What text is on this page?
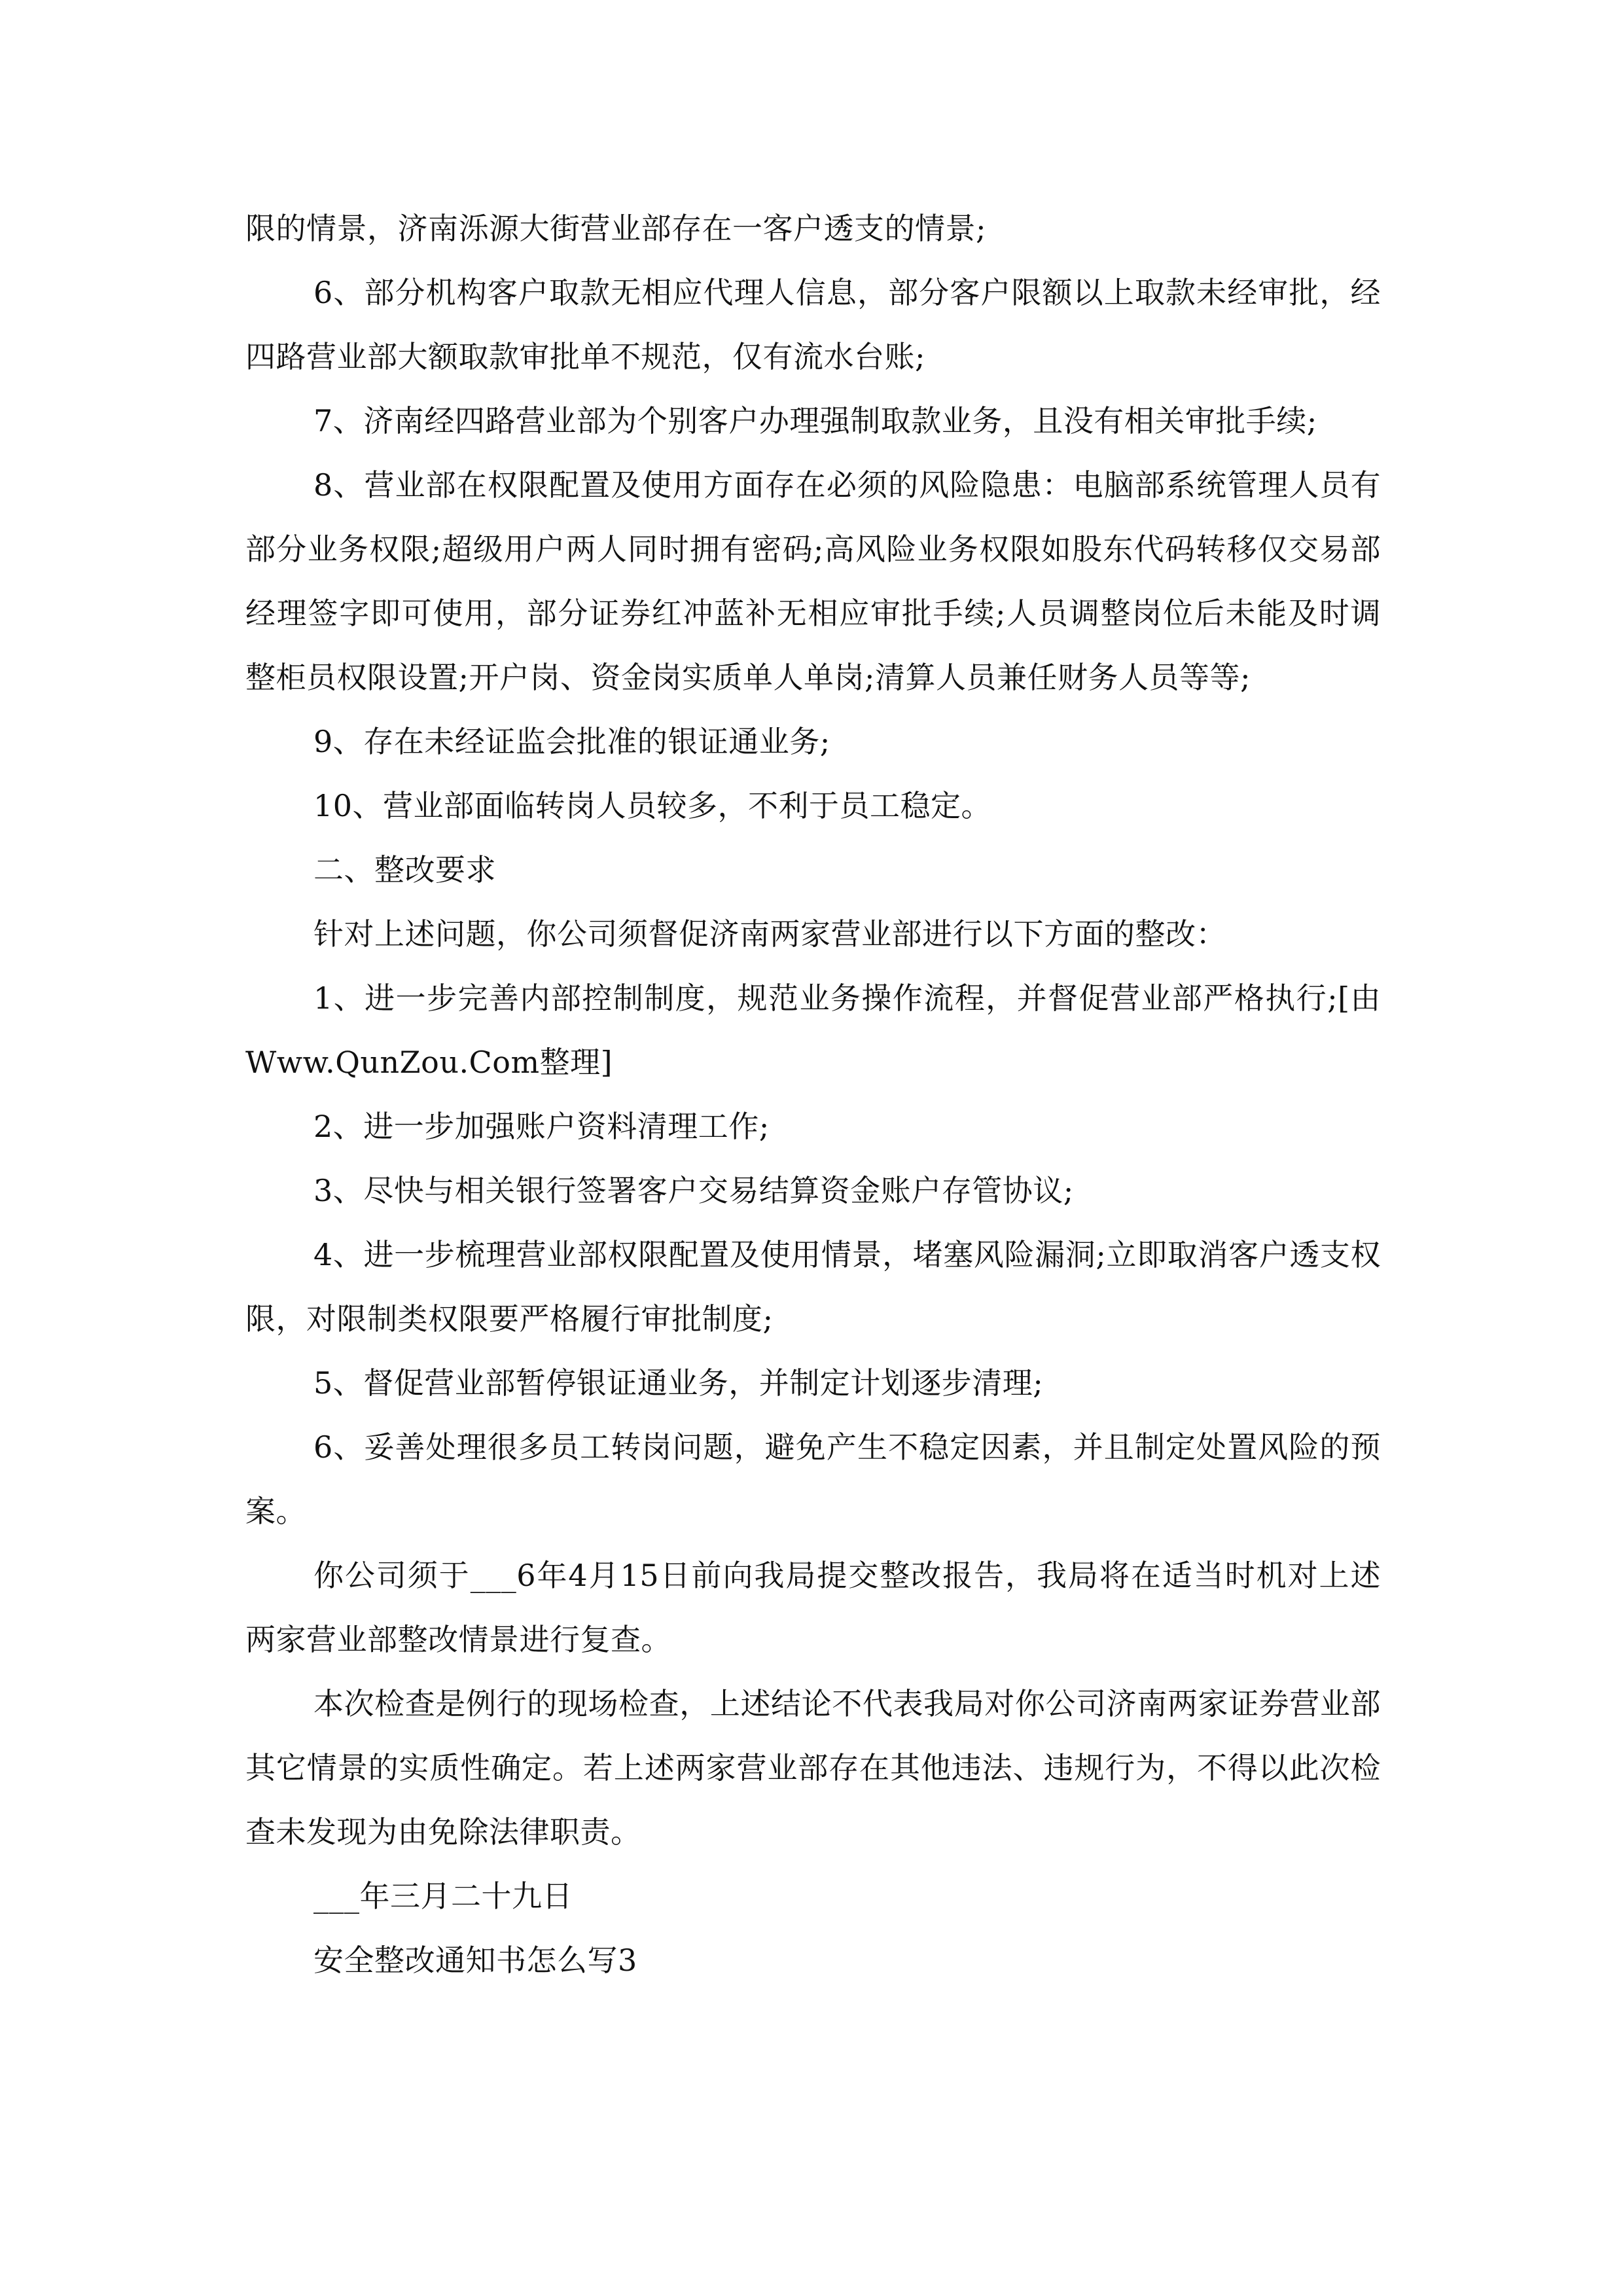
限的情景，济南泺源大街营业部存在一客户透支的情景;

6、部分机构客户取款无相应代理人信息，部分客户限额以上取款未经审批，经四路营业部大额取款审批单不规范，仅有流水台账;

7、济南经四路营业部为个别客户办理强制取款业务，且没有相关审批手续;

8、营业部在权限配置及使用方面存在必须的风险隐患：电脑部系统管理人员有部分业务权限;超级用户两人同时拥有密码;高风险业务权限如股东代码转移仅交易部经理签字即可使用，部分证券红冲蓝补无相应审批手续;人员调整岗位后未能及时调整柜员权限设置;开户岗、资金岗实质单人单岗;清算人员兼任财务人员等等;

9、存在未经证监会批准的银证通业务;

10、营业部面临转岗人员较多，不利于员工稳定。

二、整改要求

针对上述问题，你公司须督促济南两家营业部进行以下方面的整改：

1、进一步完善内部控制制度，规范业务操作流程，并督促营业部严格执行;[由Www.QunZou.Com整理]

2、进一步加强账户资料清理工作;

3、尽快与相关银行签署客户交易结算资金账户存管协议;

4、进一步梳理营业部权限配置及使用情景，堵塞风险漏洞;立即取消客户透支权限，对限制类权限要严格履行审批制度;

5、督促营业部暂停银证通业务，并制定计划逐步清理;

6、妥善处理很多员工转岗问题，避免产生不稳定因素，并且制定处置风险的预案。

你公司须于___6年4月15日前向我局提交整改报告，我局将在适当时机对上述两家营业部整改情景进行复查。

本次检查是例行的现场检查，上述结论不代表我局对你公司济南两家证券营业部其它情景的实质性确定。若上述两家营业部存在其他违法、违规行为，不得以此次检查未发现为由免除法律职责。

___年三月二十九日

安全整改通知书怎么写3
